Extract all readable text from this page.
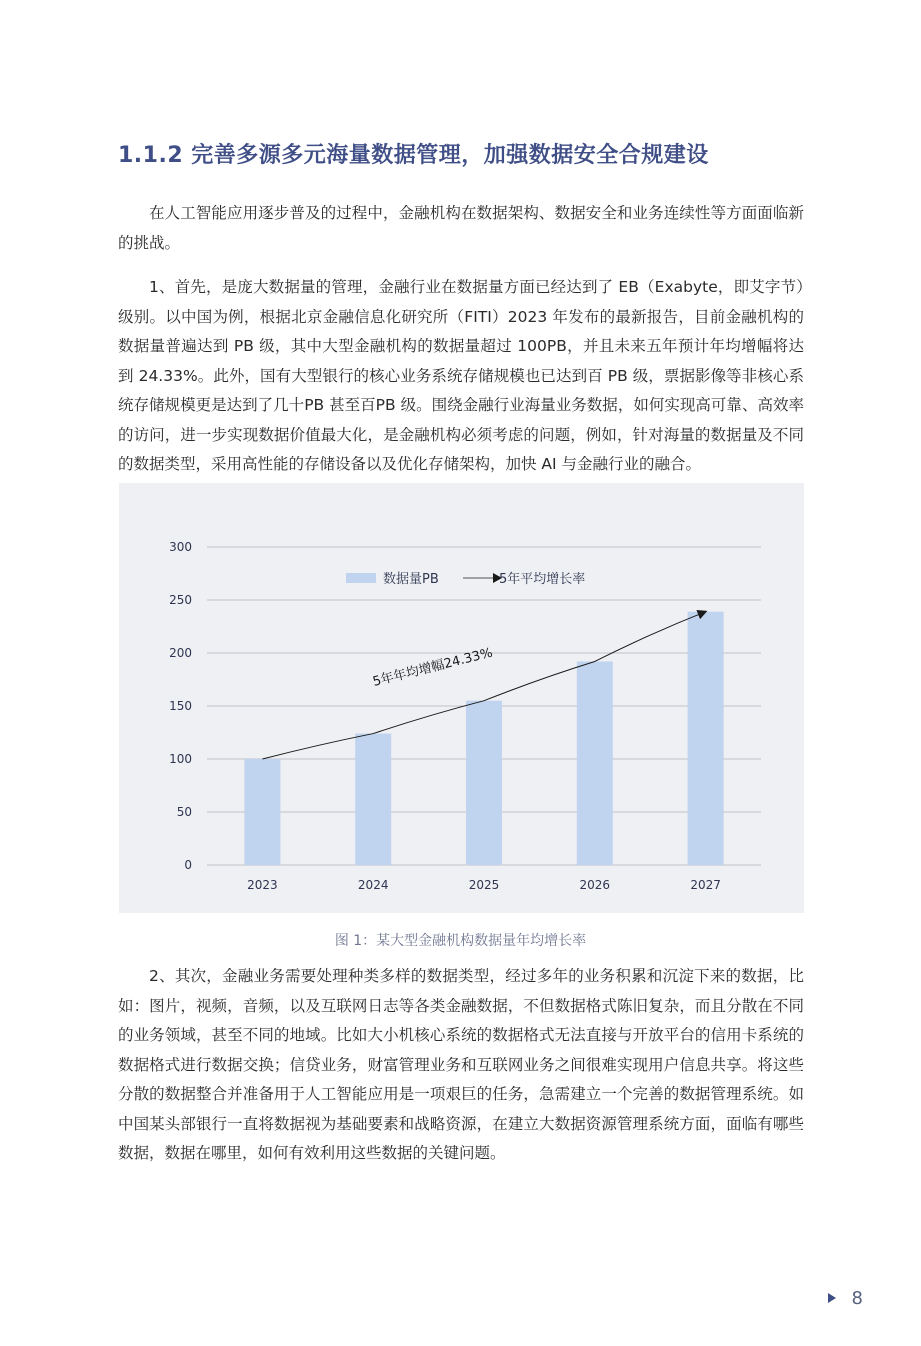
1.1.2 完善多源多元海量数据管理，加强数据安全合规建设

在人工智能应用逐步普及的过程中，金融机构在数据架构、数据安全和业务连续性等方面面临新的挑战。

1、首先，是庞大数据量的管理，金融行业在数据量方面已经达到了 EB（Exabyte，即艾字节）级别。以中国为例，根据北京金融信息化研究所（FITI）2023 年发布的最新报告，目前金融机构的数据量普遍达到 PB 级，其中大型金融机构的数据量超过 100PB，并且未来五年预计年均增幅将达到 24.33%。此外，国有大型银行的核心业务系统存储规模也已达到百 PB 级，票据影像等非核心系统存储规模更是达到了几十PB 甚至百PB 级。围绕金融行业海量业务数据，如何实现高可靠、高效率的访问，进一步实现数据价值最大化，是金融机构必须考虑的问题，例如，针对海量的数据量及不同的数据类型，采用高性能的存储设备以及优化存储架构，加快 AI 与金融行业的融合。

0
50
100
150
200
250
300
2023	2024	2025	2026	2027
5年年均增幅24.33%
数据量PB	5年平均增长率
图 1：某大型金融机构数据量年均增长率

2、其次，金融业务需要处理种类多样的数据类型，经过多年的业务积累和沉淀下来的数据，比如：图片，视频，音频，以及互联网日志等各类金融数据，不但数据格式陈旧复杂，而且分散在不同的业务领域，甚至不同的地域。比如大小机核心系统的数据格式无法直接与开放平台的信用卡系统的数据格式进行数据交换；信贷业务，财富管理业务和互联网业务之间很难实现用户信息共享。将这些分散的数据整合并准备用于人工智能应用是一项艰巨的任务，急需建立一个完善的数据管理系统。如中国某头部银行一直将数据视为基础要素和战略资源，在建立大数据资源管理系统方面，面临有哪些数据，数据在哪里，如何有效利用这些数据的关键问题。

8
